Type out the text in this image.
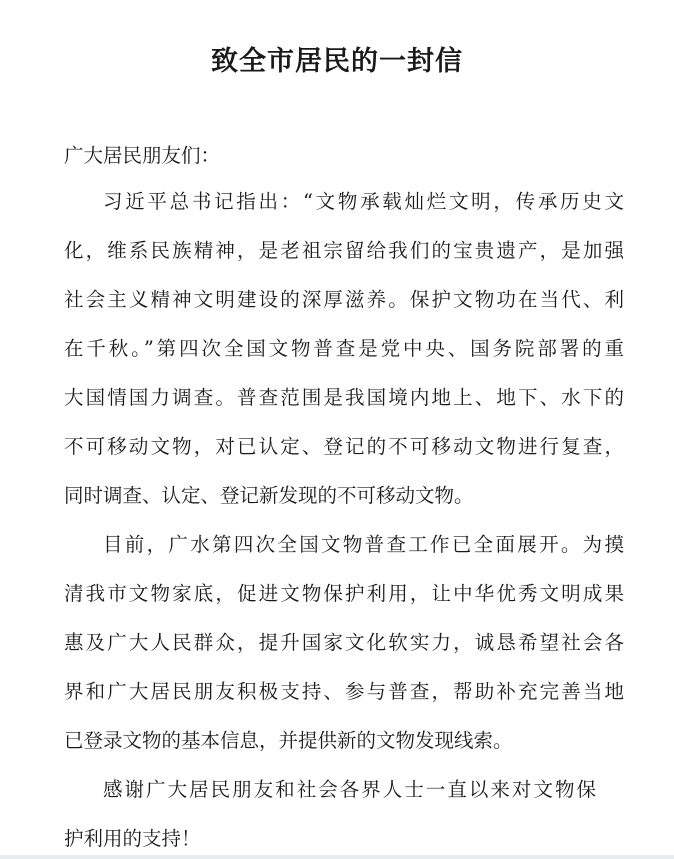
致全市居民的一封信
广大居民朋友们：
习近平总书记指出：“文物承载灿烂文明，传承历史文
化，维系民族精神，是老祖宗留给我们的宝贵遗产，是加强
社会主义精神文明建设的深厚滋养。保护文物功在当代、利
在千秋。”第四次全国文物普查是党中央、国务院部署的重
大国情国力调查。普查范围是我国境内地上、地下、水下的
不可移动文物，对已认定、登记的不可移动文物进行复查，
同时调查、认定、登记新发现的不可移动文物。
目前，广水第四次全国文物普查工作已全面展开。为摸
清我市文物家底，促进文物保护利用，让中华优秀文明成果
惠及广大人民群众，提升国家文化软实力，诚恳希望社会各
界和广大居民朋友积极支持、参与普查，帮助补充完善当地
已登录文物的基本信息，并提供新的文物发现线索。
感谢广大居民朋友和社会各界人士一直以来对文物保
护利用的支持！
